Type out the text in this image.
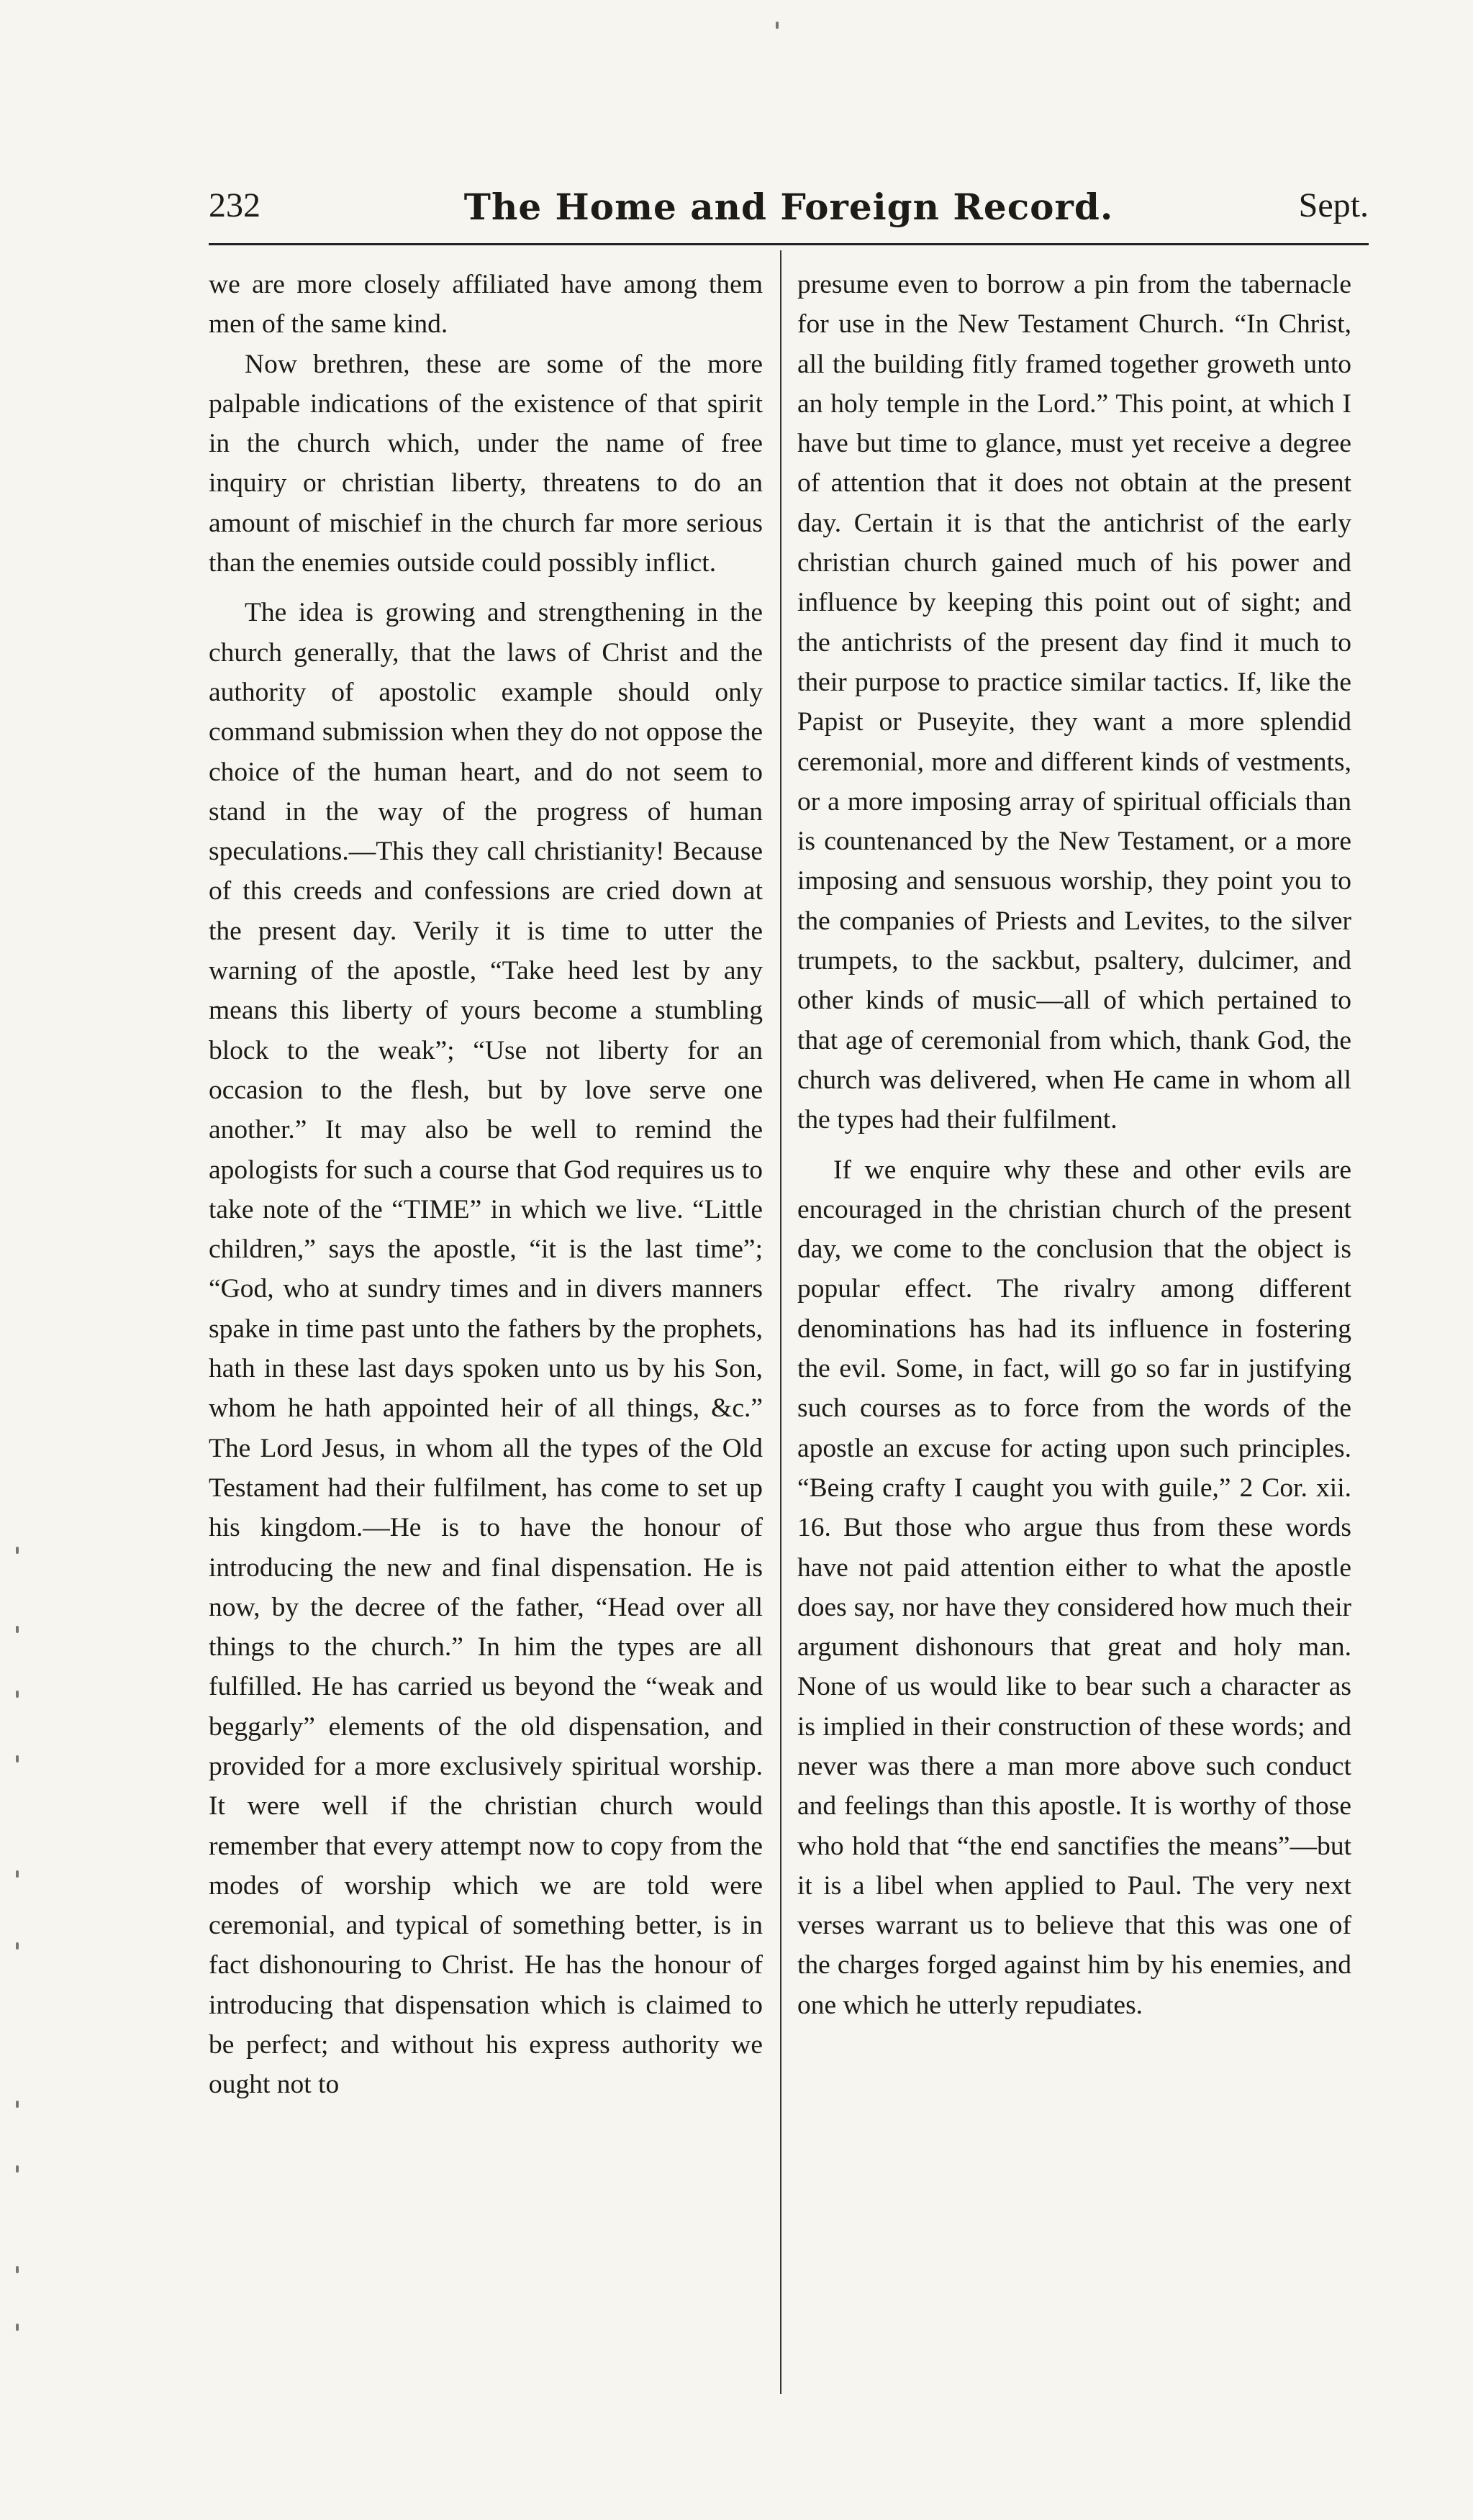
232	The Home and Foreign Record.	Sept.

we are more closely affiliated have among them men of the same kind.

Now brethren, these are some of the more palpable indications of the existence of that spirit in the church which, under the name of free inquiry or christian liberty, threatens to do an amount of mischief in the church far more serious than the enemies outside could possibly inflict.

The idea is growing and strengthening in the church generally, that the laws of Christ and the authority of apostolic example should only command submission when they do not oppose the choice of the human heart, and do not seem to stand in the way of the progress of human speculations.—This they call christianity! Because of this creeds and confessions are cried down at the present day. Verily it is time to utter the warning of the apostle, “Take heed lest by any means this liberty of yours become a stumbling block to the weak”; “Use not liberty for an occasion to the flesh, but by love serve one another.” It may also be well to remind the apologists for such a course that God requires us to take note of the “TIME” in which we live. “Little children,” says the apostle, “it is the last time”; “God, who at sundry times and in divers manners spake in time past unto the fathers by the prophets, hath in these last days spoken unto us by his Son, whom he hath appointed heir of all things, &c.” The Lord Jesus, in whom all the types of the Old Testament had their fulfilment, has come to set up his kingdom.—He is to have the honour of introducing the new and final dispensation. He is now, by the decree of the father, “Head over all things to the church.” In him the types are all fulfilled. He has carried us beyond the “weak and beggarly” elements of the old dispensation, and provided for a more exclusively spiritual worship. It were well if the christian church would remember that every attempt now to copy from the modes of worship which we are told were ceremonial, and typical of something better, is in fact dishonouring to Christ. He has the honour of introducing that dispensation which is claimed to be perfect; and without his express authority we ought not to

presume even to borrow a pin from the tabernacle for use in the New Testament Church. “In Christ, all the building fitly framed together groweth unto an holy temple in the Lord.” This point, at which I have but time to glance, must yet receive a degree of attention that it does not obtain at the present day. Certain it is that the antichrist of the early christian church gained much of his power and influence by keeping this point out of sight; and the antichrists of the present day find it much to their purpose to practice similar tactics. If, like the Papist or Puseyite, they want a more splendid ceremonial, more and different kinds of vestments, or a more imposing array of spiritual officials than is countenanced by the New Testament, or a more imposing and sensuous worship, they point you to the companies of Priests and Levites, to the silver trumpets, to the sackbut, psaltery, dulcimer, and other kinds of music—all of which pertained to that age of ceremonial from which, thank God, the church was delivered, when He came in whom all the types had their fulfilment.

If we enquire why these and other evils are encouraged in the christian church of the present day, we come to the conclusion that the object is popular effect. The rivalry among different denominations has had its influence in fostering the evil. Some, in fact, will go so far in justifying such courses as to force from the words of the apostle an excuse for acting upon such principles. “Being crafty I caught you with guile,” 2 Cor. xii. 16. But those who argue thus from these words have not paid attention either to what the apostle does say, nor have they considered how much their argument dishonours that great and holy man. None of us would like to bear such a character as is implied in their construction of these words; and never was there a man more above such conduct and feelings than this apostle. It is worthy of those who hold that “the end sanctifies the means”—but it is a libel when applied to Paul. The very next verses warrant us to believe that this was one of the charges forged against him by his enemies, and one which he utterly repudiates.
